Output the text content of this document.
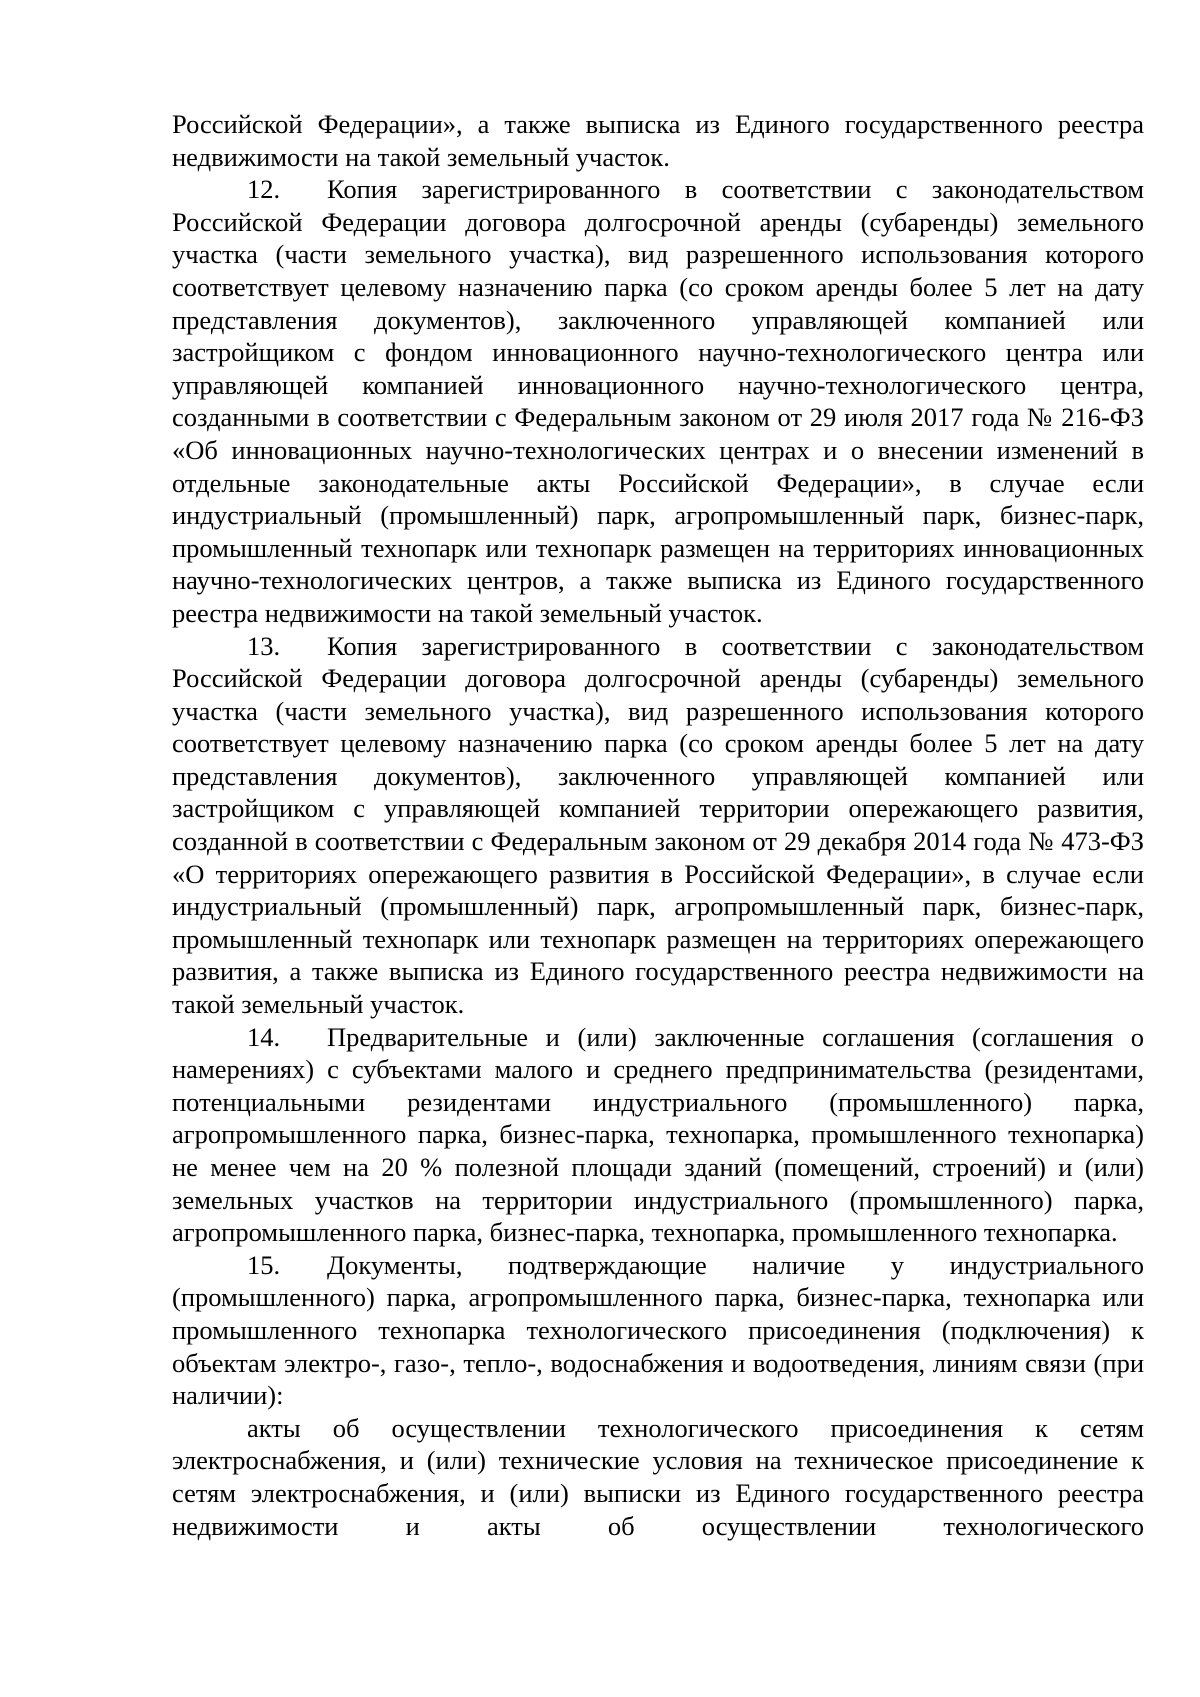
Российской Федерации», а также выписка из Единого государственного реестра недвижимости на такой земельный участок.

12. Копия зарегистрированного в соответствии с законодательством Российской Федерации договора долгосрочной аренды (субаренды) земельного участка (части земельного участка), вид разрешенного использования которого соответствует целевому назначению парка (со сроком аренды более 5 лет на дату представления документов), заключенного управляющей компанией или застройщиком с фондом инновационного научно-технологического центра или управляющей компанией инновационного научно-технологического центра, созданными в соответствии с Федеральным законом от 29 июля 2017 года № 216-ФЗ «Об инновационных научно-технологических центрах и о внесении изменений в отдельные законодательные акты Российской Федерации», в случае если индустриальный (промышленный) парк, агропромышленный парк, бизнес-парк, промышленный технопарк или технопарк размещен на территориях инновационных научно-технологических центров, а также выписка из Единого государственного реестра недвижимости на такой земельный участок.

13. Копия зарегистрированного в соответствии с законодательством Российской Федерации договора долгосрочной аренды (субаренды) земельного участка (части земельного участка), вид разрешенного использования которого соответствует целевому назначению парка (со сроком аренды более 5 лет на дату представления документов), заключенного управляющей компанией или застройщиком с управляющей компанией территории опережающего развития, созданной в соответствии с Федеральным законом от 29 декабря 2014 года № 473-ФЗ «О территориях опережающего развития в Российской Федерации», в случае если индустриальный (промышленный) парк, агропромышленный парк, бизнес-парк, промышленный технопарк или технопарк размещен на территориях опережающего развития, а также выписка из Единого государственного реестра недвижимости на такой земельный участок.

14. Предварительные и (или) заключенные соглашения (соглашения о намерениях) с субъектами малого и среднего предпринимательства (резидентами, потенциальными резидентами индустриального (промышленного) парка, агропромышленного парка, бизнес-парка, технопарка, промышленного технопарка) не менее чем на 20 % полезной площади зданий (помещений, строений) и (или) земельных участков на территории индустриального (промышленного) парка, агропромышленного парка, бизнес-парка, технопарка, промышленного технопарка.

15. Документы, подтверждающие наличие у индустриального (промышленного) парка, агропромышленного парка, бизнес-парка, технопарка или промышленного технопарка технологического присоединения (подключения) к объектам электро-, газо-, тепло-, водоснабжения и водоотведения, линиям связи (при наличии):

акты об осуществлении технологического присоединения к сетям электроснабжения, и (или) технические условия на техническое присоединение к сетям электроснабжения, и (или) выписки из Единого государственного реестра недвижимости и акты об осуществлении технологического
